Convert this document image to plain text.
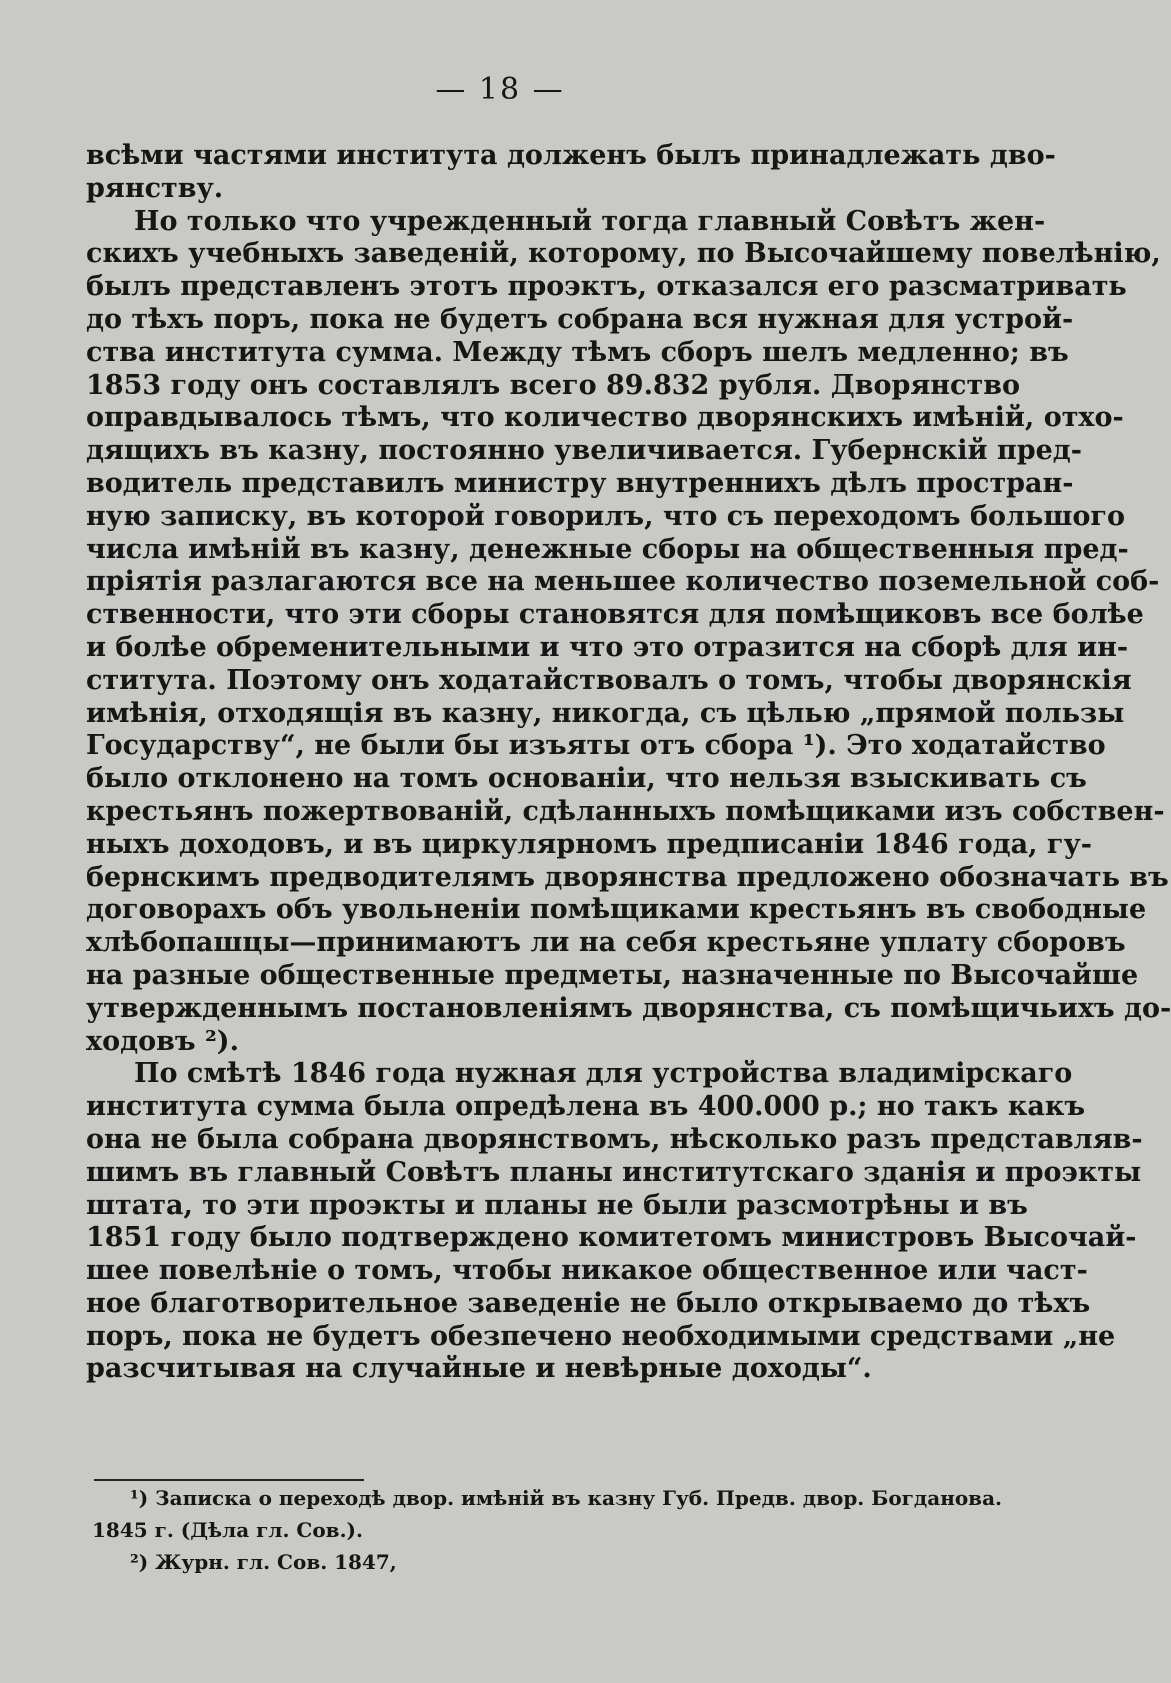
— 18 —
всѣми частями института долженъ былъ принадлежать дво-
рянству.
Но только что учрежденный тогда главный Совѣтъ жен-
скихъ учебныхъ заведеній, которому, по Высочайшему повелѣнію,
былъ представленъ этотъ проэктъ, отказался его разсматривать
до тѣхъ поръ, пока не будетъ собрана вся нужная для устрой-
ства института сумма. Между тѣмъ сборъ шелъ медленно; въ
1853 году онъ составлялъ всего 89.832 рубля. Дворянство
оправдывалось тѣмъ, что количество дворянскихъ имѣній, отхо-
дящихъ въ казну, постоянно увеличивается. Губернскій пред-
водитель представилъ министру внутреннихъ дѣлъ простран-
ную записку, въ которой говорилъ, что съ переходомъ большого
числа имѣній въ казну, денежные сборы на общественныя пред-
пріятія разлагаются все на меньшее количество поземельной соб-
ственности, что эти сборы становятся для помѣщиковъ все болѣе
и болѣе обременительными и что это отразится на сборѣ для ин-
ститута. Поэтому онъ ходатайствовалъ о томъ, чтобы дворянскія
имѣнія, отходящія въ казну, никогда, съ цѣлью „прямой пользы
Государству“, не были бы изъяты отъ сбора ¹). Это ходатайство
было отклонено на томъ основаніи, что нельзя взыскивать съ
крестьянъ пожертвованій, сдѣланныхъ помѣщиками изъ собствен-
ныхъ доходовъ, и въ циркулярномъ предписаніи 1846 года, гу-
бернскимъ предводителямъ дворянства предложено обозначать въ
договорахъ объ увольненіи помѣщиками крестьянъ въ свободные
хлѣбопашцы—принимаютъ ли на себя крестьяне уплату сборовъ
на разные общественные предметы, назначенные по Высочайше
утвержденнымъ постановленіямъ дворянства, съ помѣщичьихъ до-
ходовъ ²).
По смѣтѣ 1846 года нужная для устройства владимірскаго
института сумма была опредѣлена въ 400.000 р.; но такъ какъ
она не была собрана дворянствомъ, нѣсколько разъ представляв-
шимъ въ главный Совѣтъ планы институтскаго зданія и проэкты
штата, то эти проэкты и планы не были разсмотрѣны и въ
1851 году было подтверждено комитетомъ министровъ Высочай-
шее повелѣніе о томъ, чтобы никакое общественное или част-
ное благотворительное заведеніе не было открываемо до тѣхъ
поръ, пока не будетъ обезпечено необходимыми средствами „не
разсчитывая на случайные и невѣрные доходы“.
¹) Записка о переходѣ двор. имѣній въ казну Губ. Предв. двор. Богданова.
1845 г. (Дѣла гл. Сов.).
²) Журн. гл. Сов. 1847,
